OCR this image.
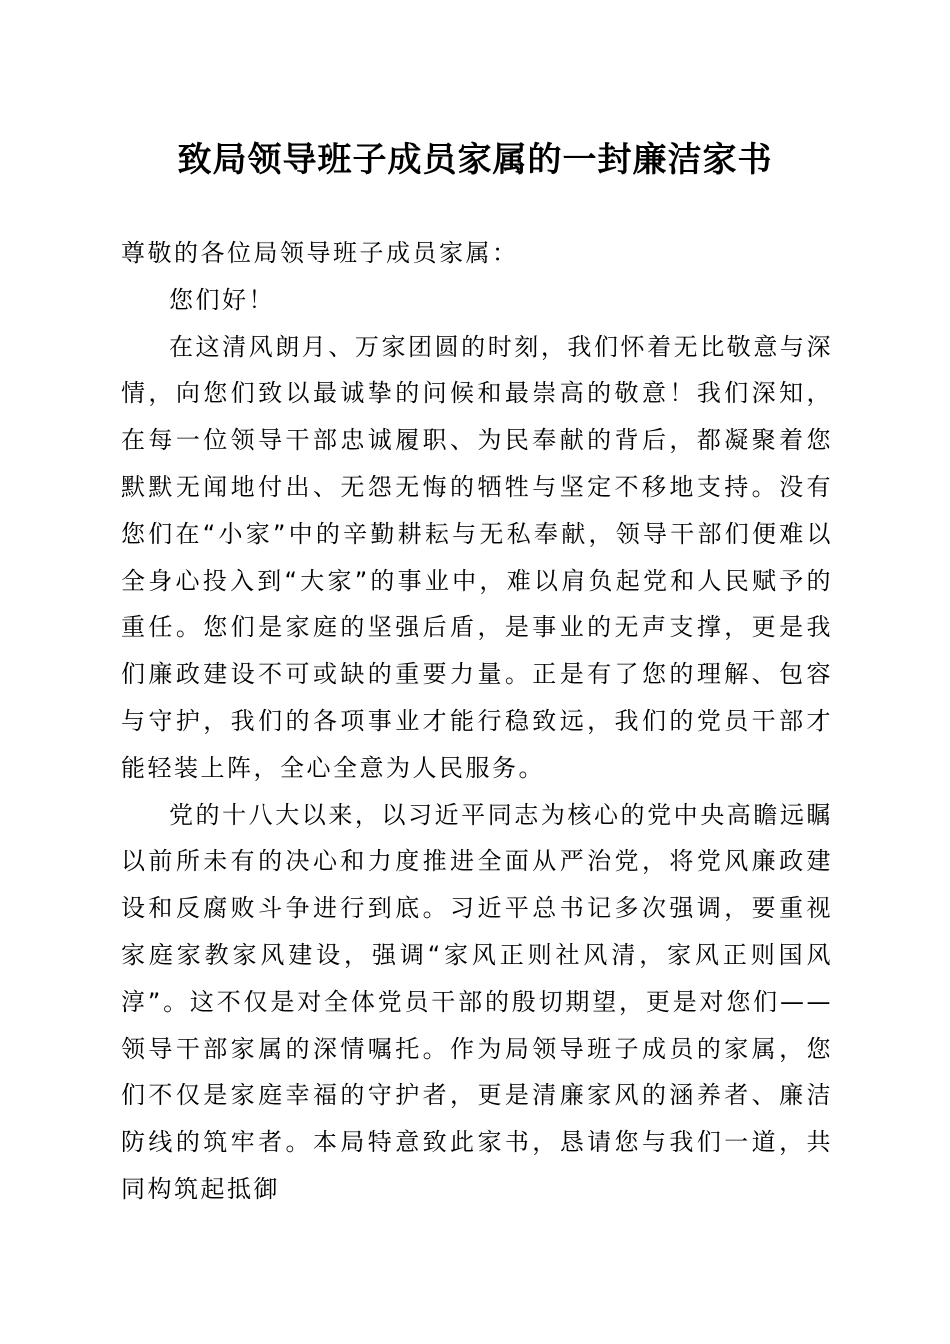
致局领导班子成员家属的一封廉洁家书

尊敬的各位局领导班子成员家属：

您们好！

在这清风朗月、万家团圆的时刻，我们怀着无比敬意与深情，向您们致以最诚挚的问候和最崇高的敬意！我们深知，在每一位领导干部忠诚履职、为民奉献的背后，都凝聚着您默默无闻地付出、无怨无悔的牺牲与坚定不移地支持。没有您们在“小家”中的辛勤耕耘与无私奉献，领导干部们便难以全身心投入到“大家”的事业中，难以肩负起党和人民赋予的重任。您们是家庭的坚强后盾，是事业的无声支撑，更是我们廉政建设不可或缺的重要力量。正是有了您的理解、包容与守护，我们的各项事业才能行稳致远，我们的党员干部才能轻装上阵，全心全意为人民服务。

党的十八大以来，以习近平同志为核心的党中央高瞻远瞩以前所未有的决心和力度推进全面从严治党，将党风廉政建设和反腐败斗争进行到底。习近平总书记多次强调，要重视家庭家教家风建设，强调“家风正则社风清，家风正则国风淳”。这不仅是对全体党员干部的殷切期望，更是对您们——领导干部家属的深情嘱托。作为局领导班子成员的家属，您们不仅是家庭幸福的守护者，更是清廉家风的涵养者、廉洁防线的筑牢者。本局特意致此家书，恳请您与我们一道，共同构筑起抵御
